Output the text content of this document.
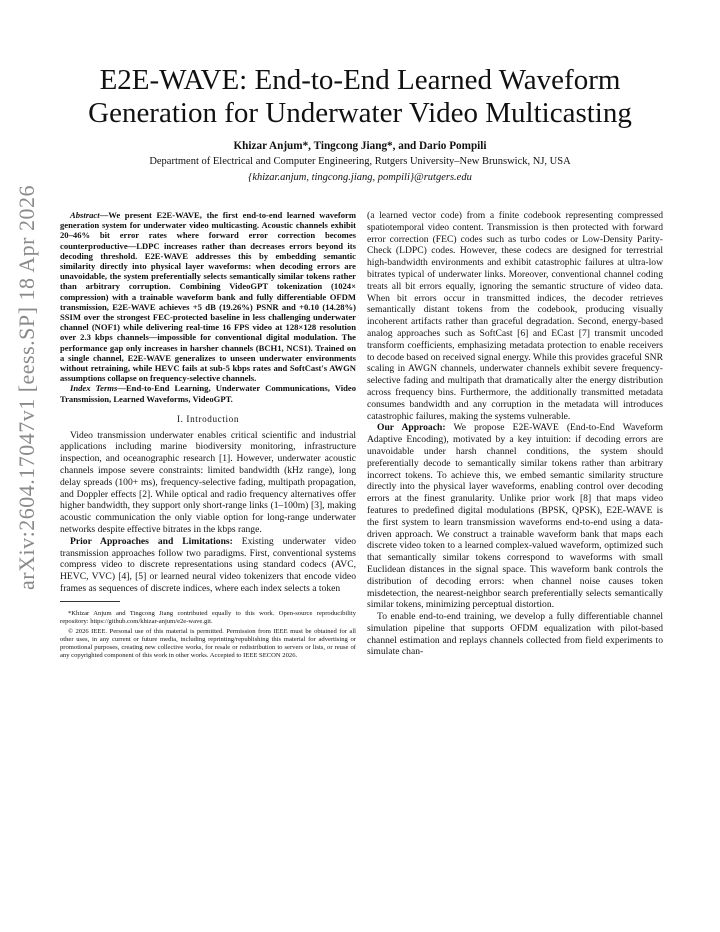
arXiv:2604.17047v1 [eess.SP] 18 Apr 2026
E2E-WAVE: End-to-End Learned Waveform
Generation for Underwater Video Multicasting
Khizar Anjum*, Tingcong Jiang*, and Dario Pompili
Department of Electrical and Computer Engineering, Rutgers University–New Brunswick, NJ, USA
{khizar.anjum, tingcong.jiang, pompili}@rutgers.edu

Abstract—We present E2E-WAVE, the first end-to-end learned waveform generation system for underwater video multicasting. Acoustic channels exhibit 20–46% bit error rates where forward error correction becomes counterproductive—LDPC increases rather than decreases errors beyond its decoding threshold. E2E-WAVE addresses this by embedding semantic similarity directly into physical layer waveforms: when decoding errors are unavoidable, the system preferentially selects semantically similar tokens rather than arbitrary corruption. Combining VideoGPT tokenization (1024× compression) with a trainable waveform bank and fully differentiable OFDM transmission, E2E-WAVE achieves +5 dB (19.26%) PSNR and +0.10 (14.28%) SSIM over the strongest FEC-protected baseline in less challenging underwater channel (NOF1) while delivering real-time 16 FPS video at 128×128 resolution over 2.3 kbps channels—impossible for conventional digital modulation. The performance gap only increases in harsher channels (BCH1, NCS1). Trained on a single channel, E2E-WAVE generalizes to unseen underwater environments without retraining, while HEVC fails at sub-5 kbps rates and SoftCast's AWGN assumptions collapse on frequency-selective channels.

Index Terms—End-to-End Learning, Underwater Communications, Video Transmission, Learned Waveforms, VideoGPT.

I. Introduction

Video transmission underwater enables critical scientific and industrial applications including marine biodiversity monitoring, infrastructure inspection, and oceanographic research [1]. However, underwater acoustic channels impose severe constraints: limited bandwidth (kHz range), long delay spreads (100+ ms), frequency-selective fading, multipath propagation, and Doppler effects [2]. While optical and radio frequency alternatives offer higher bandwidth, they support only short-range links (1–100m) [3], making acoustic communication the only viable option for long-range underwater networks despite effective bitrates in the kbps range.

Prior Approaches and Limitations: Existing underwater video transmission approaches follow two paradigms. First, conventional systems compress video to discrete representations using standard codecs (AVC, HEVC, VVC) [4], [5] or learned neural video tokenizers that encode video frames as sequences of discrete indices, where each index selects a token

*Khizar Anjum and Tingcong Jiang contributed equally to this work. Open-source reproducibility repository: https://github.com/khizar-anjum/e2e-wave.git.

© 2026 IEEE. Personal use of this material is permitted. Permission from IEEE must be obtained for all other uses, in any current or future media, including reprinting/republishing this material for advertising or promotional purposes, creating new collective works, for resale or redistribution to servers or lists, or reuse of any copyrighted component of this work in other works. Accepted to IEEE SECON 2026.

(a learned vector code) from a finite codebook representing compressed spatiotemporal video content. Transmission is then protected with forward error correction (FEC) codes such as turbo codes or Low-Density Parity-Check (LDPC) codes. However, these codecs are designed for terrestrial high-bandwidth environments and exhibit catastrophic failures at ultra-low bitrates typical of underwater links. Moreover, conventional channel coding treats all bit errors equally, ignoring the semantic structure of video data. When bit errors occur in transmitted indices, the decoder retrieves semantically distant tokens from the codebook, producing visually incoherent artifacts rather than graceful degradation. Second, energy-based analog approaches such as SoftCast [6] and ECast [7] transmit uncoded transform coefficients, emphasizing metadata protection to enable receivers to decode based on received signal energy. While this provides graceful SNR scaling in AWGN channels, underwater channels exhibit severe frequency-selective fading and multipath that dramatically alter the energy distribution across frequency bins. Furthermore, the additionally transmitted metadata consumes bandwidth and any corruption in the metadata will introduces catastrophic failures, making the systems vulnerable.

Our Approach: We propose E2E-WAVE (End-to-End Waveform Adaptive Encoding), motivated by a key intuition: if decoding errors are unavoidable under harsh channel conditions, the system should preferentially decode to semantically similar tokens rather than arbitrary incorrect tokens. To achieve this, we embed semantic similarity structure directly into the physical layer waveforms, enabling control over decoding errors at the finest granularity. Unlike prior work [8] that maps video features to predefined digital modulations (BPSK, QPSK), E2E-WAVE is the first system to learn transmission waveforms end-to-end using a data-driven approach. We construct a trainable waveform bank that maps each discrete video token to a learned complex-valued waveform, optimized such that semantically similar tokens correspond to waveforms with small Euclidean distances in the signal space. This waveform bank controls the distribution of decoding errors: when channel noise causes token misdetection, the nearest-neighbor search preferentially selects semantically similar tokens, minimizing perceptual distortion.

To enable end-to-end training, we develop a fully differentiable channel simulation pipeline that supports OFDM equalization with pilot-based channel estimation and replays channels collected from field experiments to simulate chan-
